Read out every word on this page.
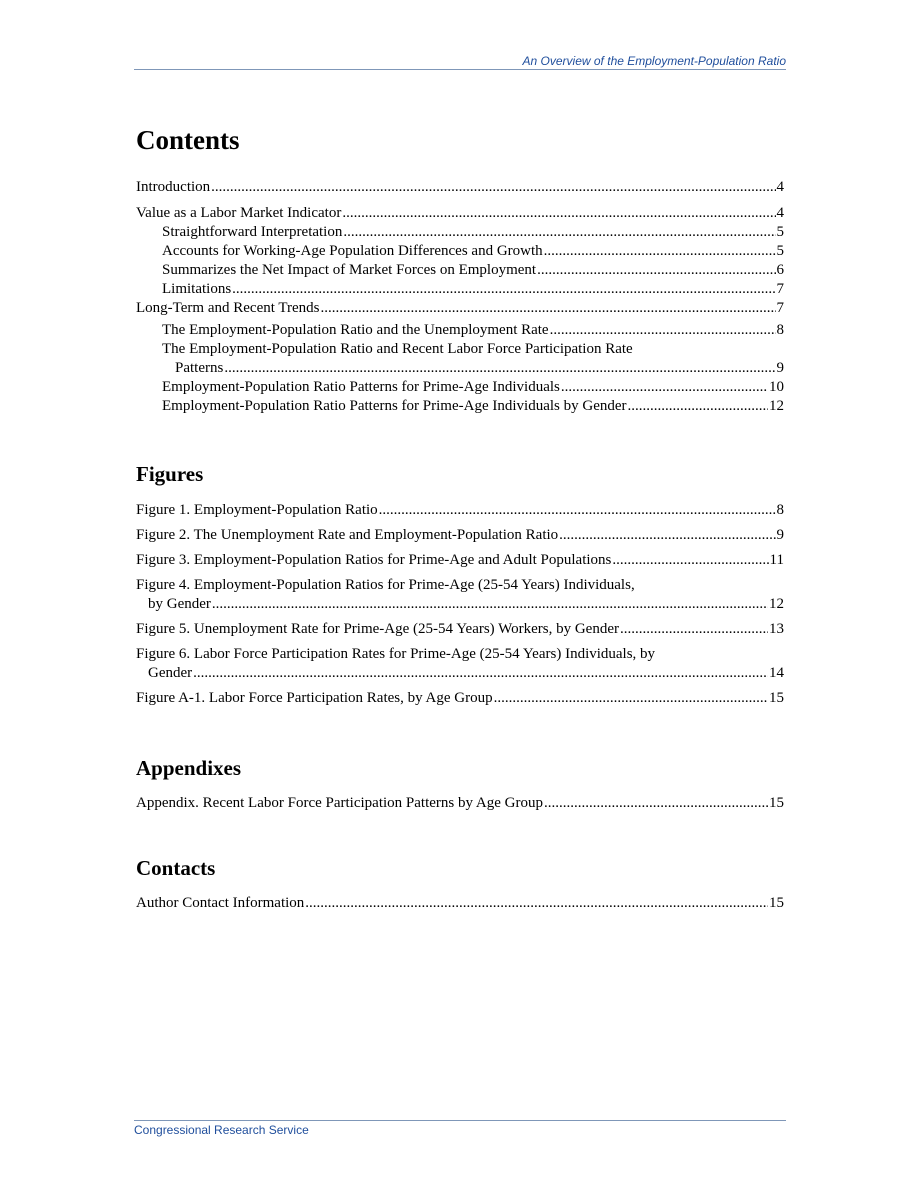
An Overview of the Employment-Population Ratio
Contents
Introduction .....	4
Value as a Labor Market Indicator .....	4
Straightforward Interpretation .....	5
Accounts for Working-Age Population Differences and Growth .....	5
Summarizes the Net Impact of Market Forces on Employment .....	6
Limitations .....	7
Long-Term and Recent Trends .....	7
The Employment-Population Ratio and the Unemployment Rate .....	8
The Employment-Population Ratio and Recent Labor Force Participation Rate
Patterns .....	9
Employment-Population Ratio Patterns for Prime-Age Individuals .....	10
Employment-Population Ratio Patterns for Prime-Age Individuals by Gender .....	12
Figures
Figure 1. Employment-Population Ratio .....	8
Figure 2. The Unemployment Rate and Employment-Population Ratio .....	9
Figure 3. Employment-Population Ratios for Prime-Age and Adult Populations .....	11
Figure 4. Employment-Population Ratios for Prime-Age (25-54 Years) Individuals,
by Gender .....	12
Figure 5. Unemployment Rate for Prime-Age (25-54 Years) Workers, by Gender .....	13
Figure 6. Labor Force Participation Rates for Prime-Age (25-54 Years) Individuals, by
Gender .....	14
Figure A-1. Labor Force Participation Rates, by Age Group .....	15
Appendixes
Appendix. Recent Labor Force Participation Patterns by Age Group .....	15
Contacts
Author Contact Information .....	15
Congressional Research Service
